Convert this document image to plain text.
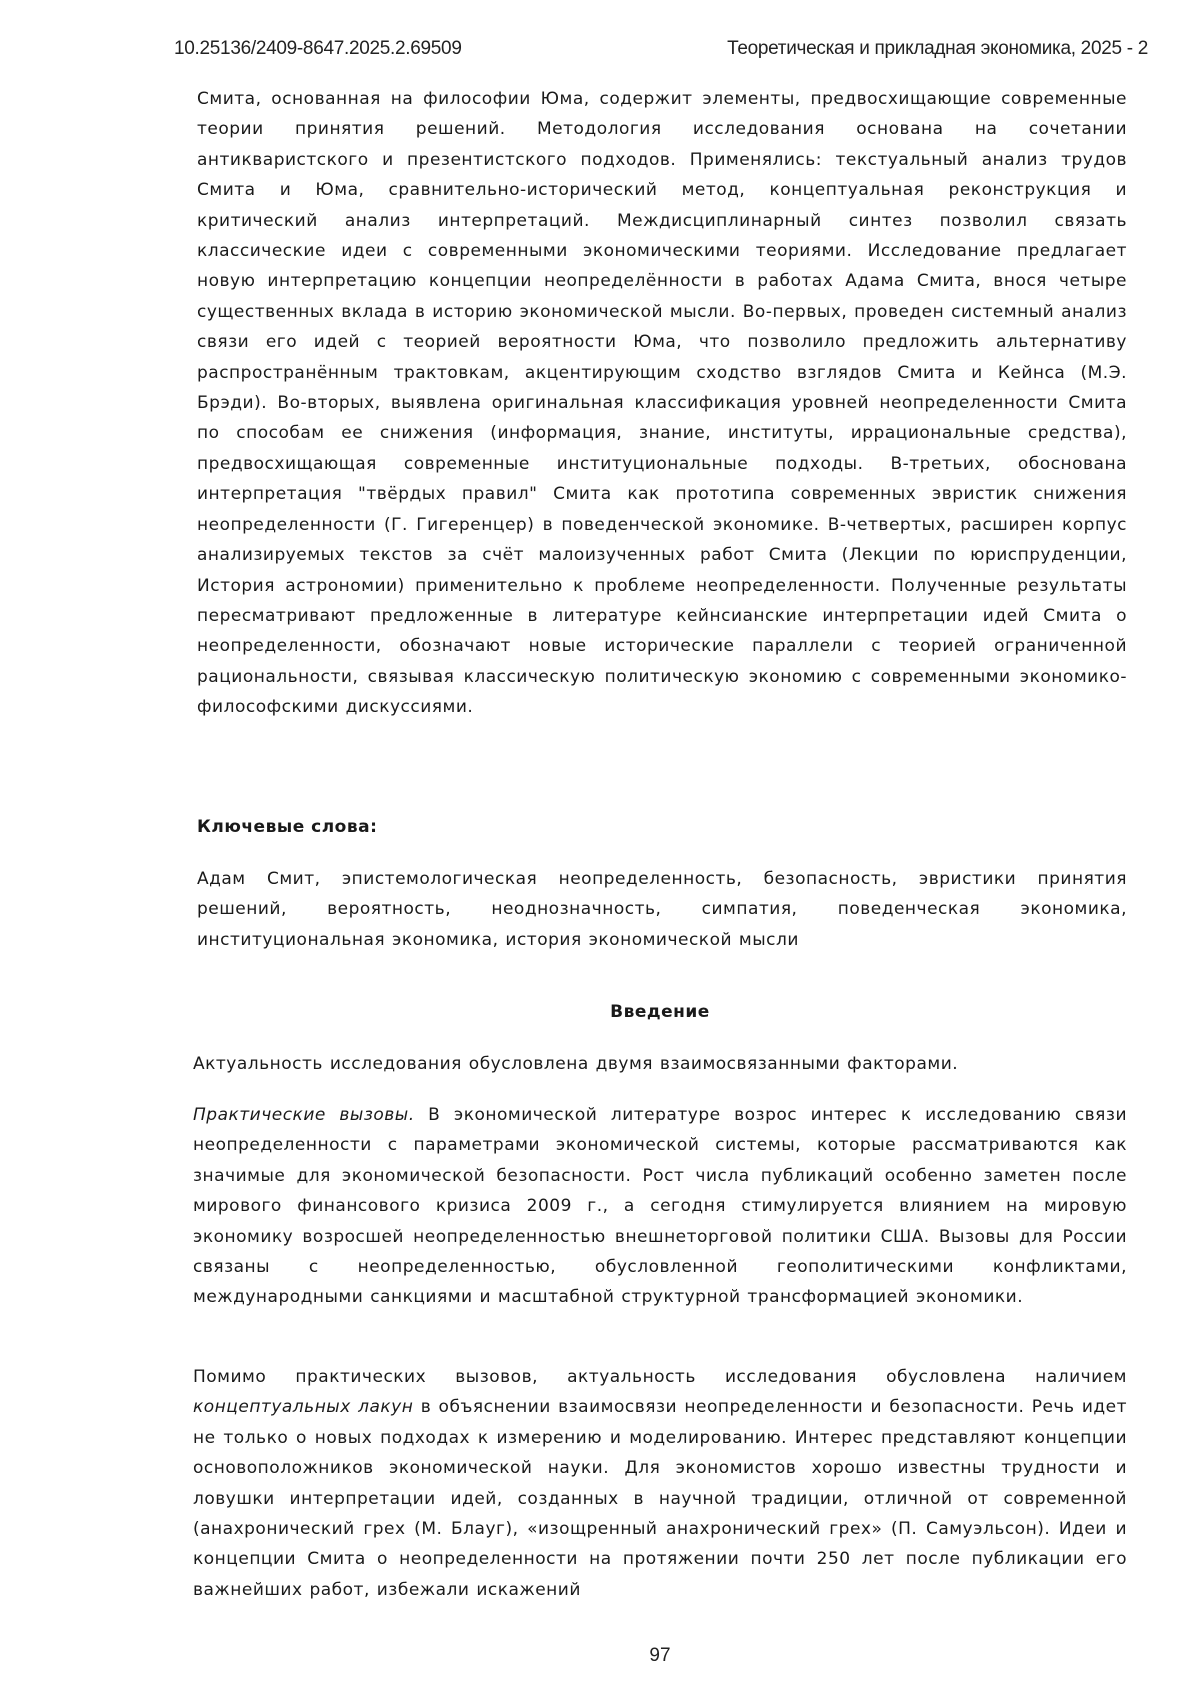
10.25136/2409-8647.2025.2.69509	Теоретическая и прикладная экономика, 2025 - 2

Смита, основанная на философии Юма, содержит элементы, предвосхищающие современные теории принятия решений. Методология исследования основана на сочетании антикваристского и презентистского подходов. Применялись: текстуальный анализ трудов Смита и Юма, сравнительно-исторический метод, концептуальная реконструкция и критический анализ интерпретаций. Междисциплинарный синтез позволил связать классические идеи с современными экономическими теориями. Исследование предлагает новую интерпретацию концепции неопределённости в работах Адама Смита, внося четыре существенных вклада в историю экономической мысли. Во-первых, проведен системный анализ связи его идей с теорией вероятности Юма, что позволило предложить альтернативу распространённым трактовкам, акцентирующим сходство взглядов Смита и Кейнса (М.Э. Брэди). Во-вторых, выявлена оригинальная классификация уровней неопределенности Смита по способам ее снижения (информация, знание, институты, иррациональные средства), предвосхищающая современные институциональные подходы. В-третьих, обоснована интерпретация "твёрдых правил" Смита как прототипа современных эвристик снижения неопределенности (Г. Гигеренцер) в поведенческой экономике. В-четвертых, расширен корпус анализируемых текстов за счёт малоизученных работ Смита (Лекции по юриспруденции, История астрономии) применительно к проблеме неопределенности. Полученные результаты пересматривают предложенные в литературе кейнсианские интерпретации идей Смита о неопределенности, обозначают новые исторические параллели с теорией ограниченной рациональности, связывая классическую политическую экономию с современными экономико-философскими дискуссиями.

Ключевые слова:

Адам Смит, эпистемологическая неопределенность, безопасность, эвристики принятия решений, вероятность, неоднозначность, симпатия, поведенческая экономика, институциональная экономика, история экономической мысли

Введение

Актуальность исследования обусловлена двумя взаимосвязанными факторами.

Практические вызовы. В экономической литературе возрос интерес к исследованию связи неопределенности с параметрами экономической системы, которые рассматриваются как значимые для экономической безопасности. Рост числа публикаций особенно заметен после мирового финансового кризиса 2009 г., а сегодня стимулируется влиянием на мировую экономику возросшей неопределенностью внешнеторговой политики США. Вызовы для России связаны с неопределенностью, обусловленной геополитическими конфликтами, международными санкциями и масштабной структурной трансформацией экономики.

Помимо практических вызовов, актуальность исследования обусловлена наличием концептуальных лакун в объяснении взаимосвязи неопределенности и безопасности. Речь идет не только о новых подходах к измерению и моделированию. Интерес представляют концепции основоположников экономической науки. Для экономистов хорошо известны трудности и ловушки интерпретации идей, созданных в научной традиции, отличной от современной (анахронический грех (М. Блауг), «изощренный анахронический грех» (П. Самуэльсон). Идеи и концепции Смита о неопределенности на протяжении почти 250 лет после публикации его важнейших работ, избежали искажений

97
